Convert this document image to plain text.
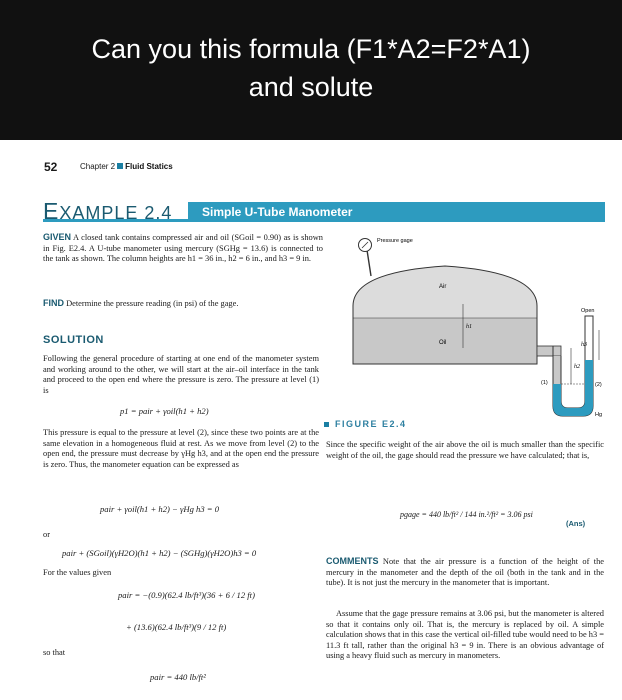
Can you this formula (F1*A2=F2*A1)
and solute
52	Chapter 2 Fluid Statics
EXAMPLE 2.4	Simple U-Tube Manometer
GIVEN A closed tank contains compressed air and oil (SGoil = 0.90) as is shown in Fig. E2.4. A U-tube manometer using mercury (SGHg = 13.6) is connected to the tank as shown. The column heights are h1 = 36 in., h2 = 6 in., and h3 = 9 in.
FIND Determine the pressure reading (in psi) of the gage.
SOLUTION
Following the general procedure of starting at one end of the manometer system and working around to the other, we will start at the air–oil interface in the tank and proceed to the open end where the pressure is zero. The pressure at level (1) is
p1 = pair + γoil(h1 + h2)
This pressure is equal to the pressure at level (2), since these two points are at the same elevation in a homogeneous fluid at rest. As we move from level (2) to the open end, the pressure must decrease by γHg h3, and at the open end the pressure is zero. Thus, the manometer equation can be expressed as
pair + γoil(h1 + h2) − γHg h3 = 0
or
pair + (SGoil)(γH2O)(h1 + h2) − (SGHg)(γH2O)h3 = 0
For the values given
pair = −(0.9)(62.4 lb/ft³)(36 + 6 / 12 ft)
+ (13.6)(62.4 lb/ft³)(9 / 12 ft)
so that
pair = 440 lb/ft²
Since the specific weight of the air above the oil is much smaller than the specific weight of the oil, the gage should read the pressure we have calculated; that is,
pgage = 440 lb/ft² / 144 in.²/ft² = 3.06 psi
(Ans)
COMMENTS Note that the air pressure is a function of the height of the mercury in the manometer and the depth of the oil (both in the tank and in the tube). It is not just the mercury in the manometer that is important.
Assume that the gage pressure remains at 3.06 psi, but the manometer is altered so that it contains only oil. That is, the mercury is replaced by oil. A simple calculation shows that in this case the vertical oil-filled tube would need to be h3 = 11.3 ft tall, rather than the original h3 = 9 in. There is an obvious advantage of using a heavy fluid such as mercury in manometers.
Pressure gage
Air
Oil
Open
h1
h2
h3
(1)	(2)
Hg
FIGURE E2.4
